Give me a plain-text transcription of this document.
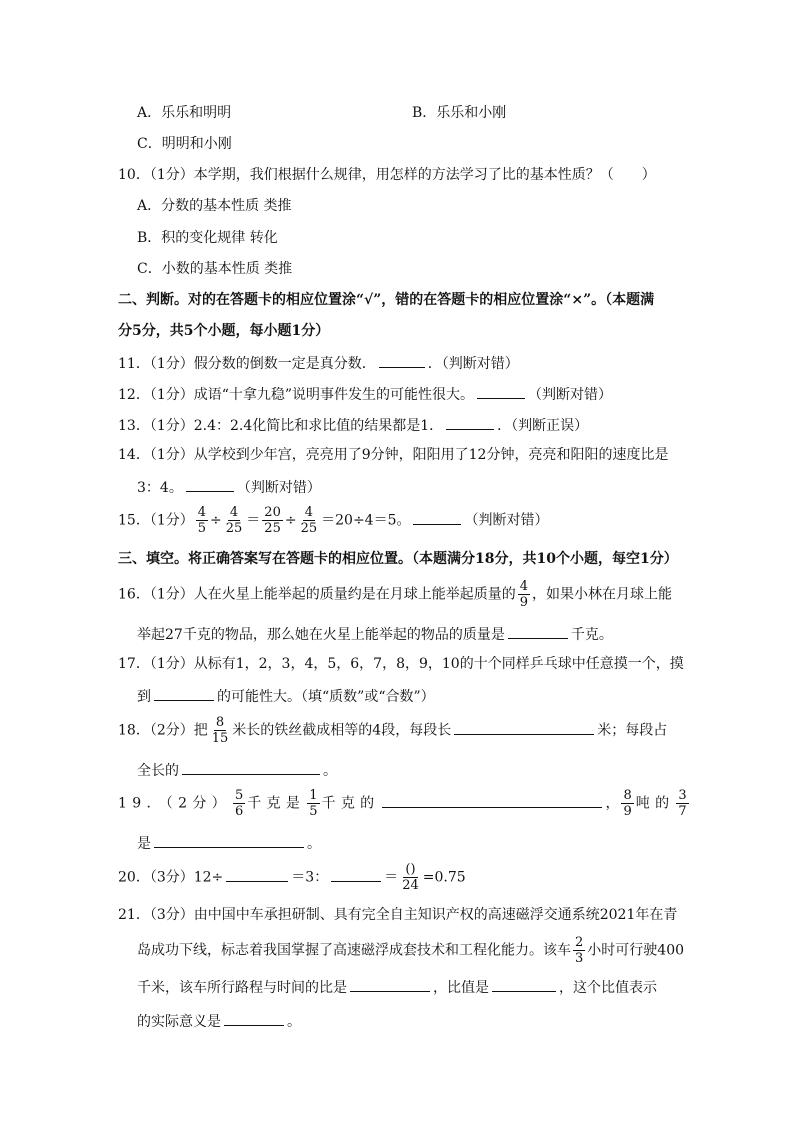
A．乐乐和明明	B．乐乐和小刚
C．明明和小刚
10．（1分）本学期，我们根据什么规律，用怎样的方法学习了比的基本性质？（　　）
A．分数的基本性质 类推
B．积的变化规律 转化
C．小数的基本性质 类推
二、判断。对的在答题卡的相应位置涂“√”，错的在答题卡的相应位置涂“×”。（本题满
分5分，共5个小题，每小题1分）
11．（1分）假分数的倒数一定是真分数．	．（判断对错）
12．（1分）成语“十拿九稳”说明事件发生的可能性很大。	（判断对错）
13．（1分）2.4：2.4化简比和求比值的结果都是1．	．（判断正误）
14．（1分）从学校到少年宫，亮亮用了9分钟，阳阳用了12分钟，亮亮和阳阳的速度比是
3：4。	（判断对错）
15．（1分） $\frac{4}{5} \div \frac{4}{25} = \frac{20}{25} \div \frac{4}{25} =20\div 4=5$。	（判断对错）
三、填空。将正确答案写在答题卡的相应位置。（本题满分18分，共10个小题，每空1分）
16．（1分）人在火星上能举起的质量约是在月球上能举起质量的 $\frac{4}{9}$ ，如果小林在月球上能
举起27千克的物品，那么她在火星上能举起的物品的质量是	千克。
17．（1分）从标有1，2，3，4，5，6，7，8，9，10的十个同样乒乓球中任意摸一个，摸
到	的可能性大。（填“质数”或“合数”）
18．（2分）把 $\frac{8}{15}$ 米长的铁丝截成相等的4段，每段长	米；每段占
全长的	。
19．（2分） $\frac{5}{6}$ 千克是 $\frac{1}{5}$ 千克的	， $\frac{8}{9}$ 吨的 $\frac{3}{7}$
是	。
20．（3分）12÷	＝3：	＝ $\frac{()}{24} =0.75$
21．（3分）由中国中车承担研制、具有完全自主知识产权的高速磁浮交通系统2021年在青
岛成功下线，标志着我国掌握了高速磁浮成套技术和工程化能力。该车 $\frac{2}{3}$ 小时可行驶400
千米，该车所行路程与时间的比是	，比值是	，这个比值表示
的实际意义是	。
